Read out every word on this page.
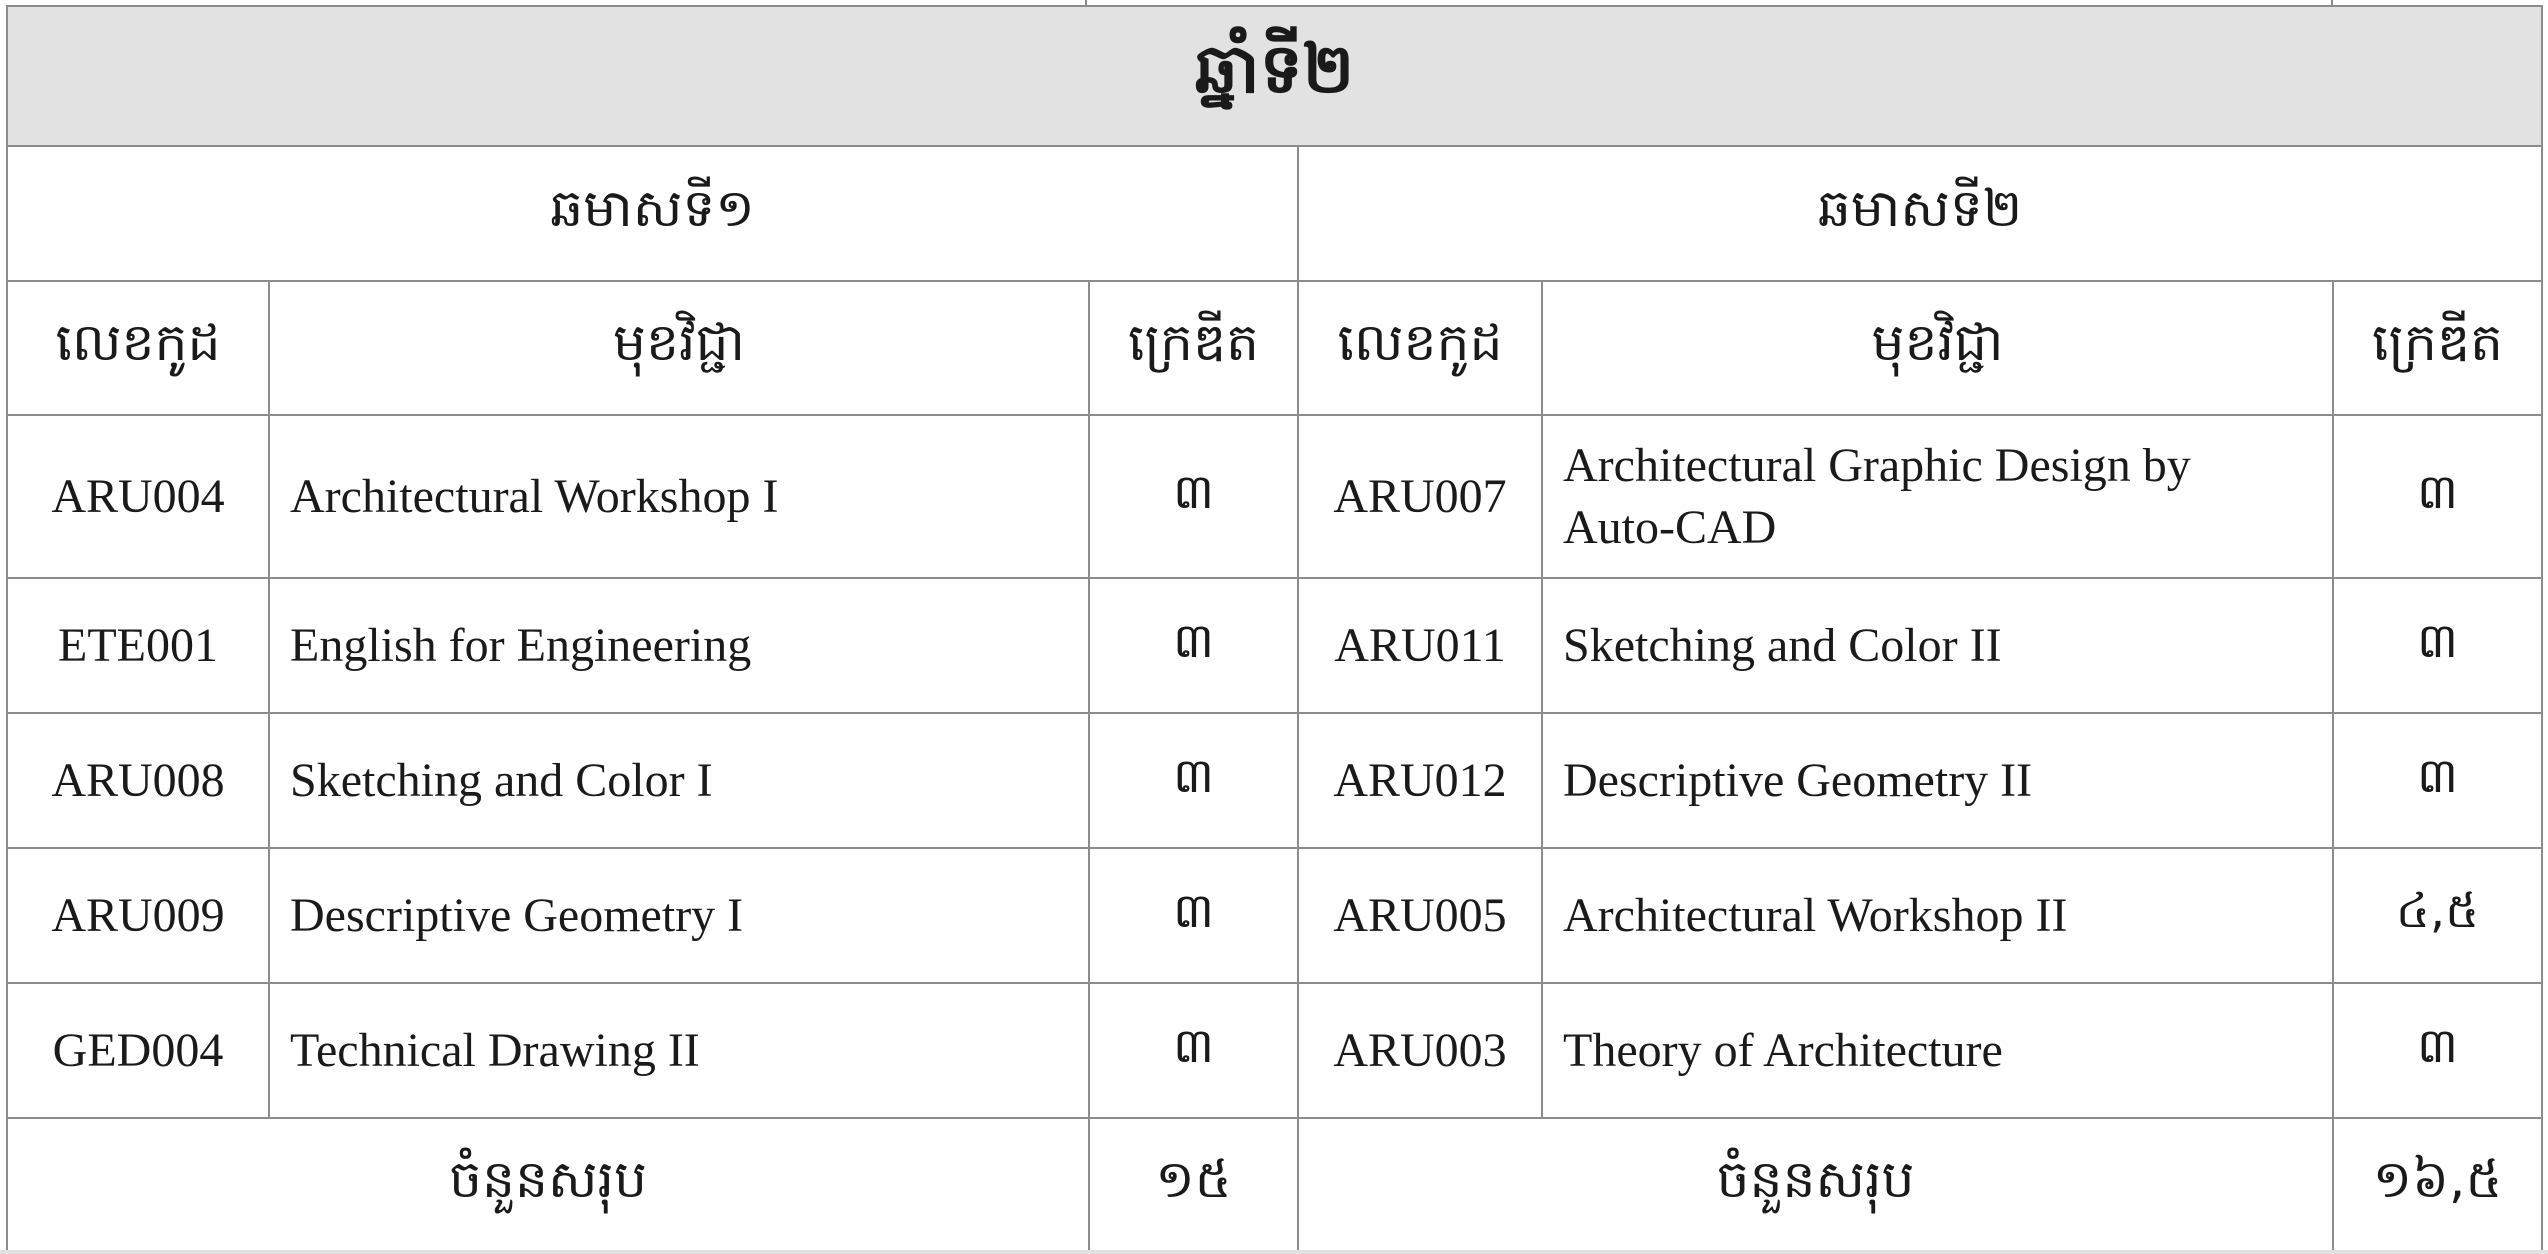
ឆ្នាំទី២					
ឆមាសទី១			ឆមាសទី២		
លេខកូដ	មុខវិជ្ជា	ក្រេឌីត	លេខកូដ	មុខវិជ្ជា	ក្រេឌីត
ARU004	Architectural Workshop I	៣	ARU007	Architectural Graphic Design by Auto-CAD	៣
ETE001	English for Engineering	៣	ARU011	Sketching and Color II	៣
ARU008	Sketching and Color I	៣	ARU012	Descriptive Geometry II	៣
ARU009	Descriptive Geometry I	៣	ARU005	Architectural Workshop II	៤,៥
GED004	Technical Drawing II	៣	ARU003	Theory of Architecture	៣
ចំនួនសរុប		១៥	ចំនួនសរុប		១៦,៥
